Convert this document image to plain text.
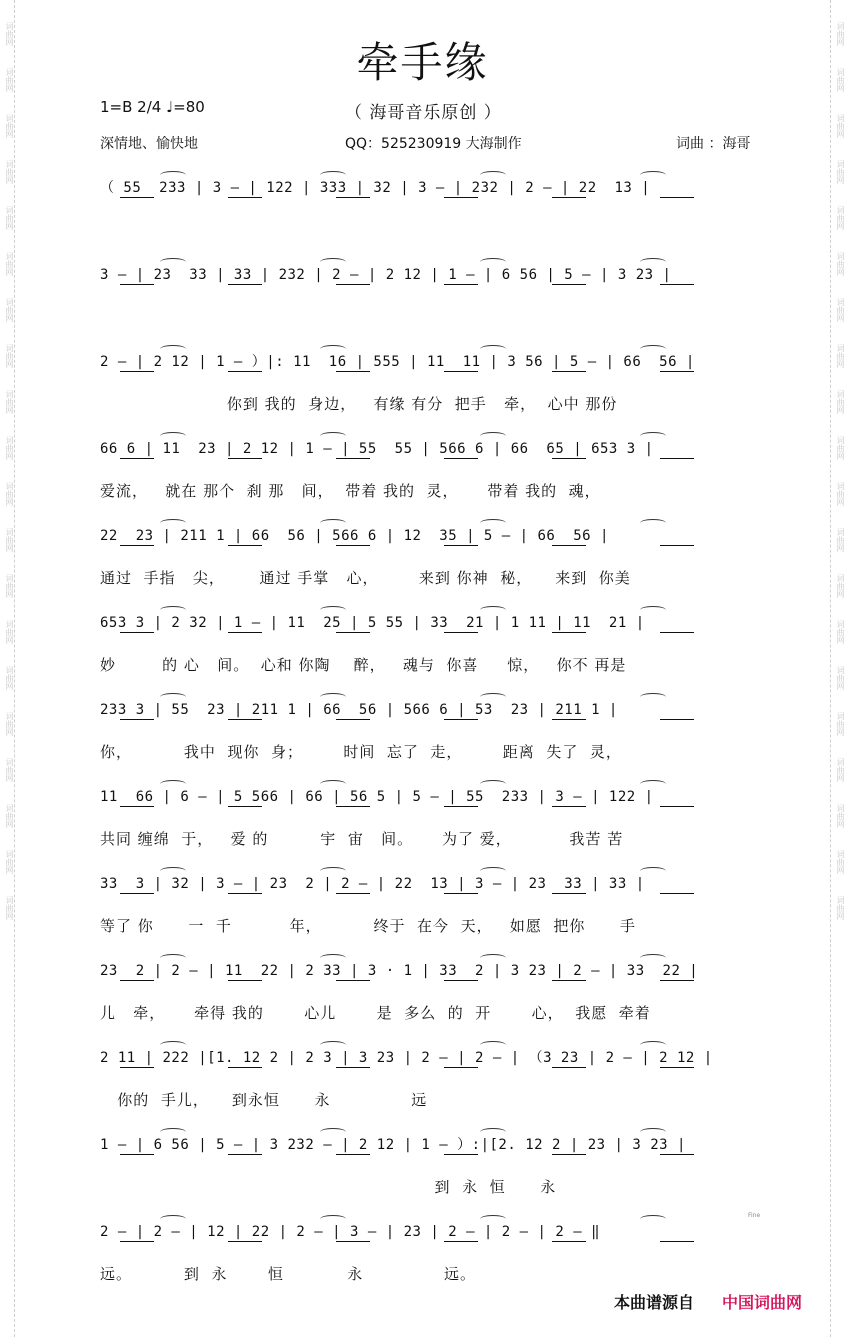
词曲网
词曲网
词曲网
词曲网
词曲网
词曲网
词曲网
词曲网
词曲网
词曲网
词曲网
词曲网
词曲网
词曲网
词曲网
词曲网
词曲网
词曲网
词曲网
词曲网
词曲网
词曲网
词曲网
词曲网
词曲网
词曲网
词曲网
词曲网
词曲网
词曲网
词曲网
词曲网
词曲网
词曲网
词曲网
词曲网
词曲网
词曲网
词曲网
词曲网
牵手缘
1=B 2/4 ♩=80	（ 海哥音乐原创 ）
深情地、愉快地	QQ：525230919 大海制作	词曲 ：海哥
（ 55  233 | 3 — | 122 | 333 | 32 | 3 — | 232 | 2 — | 22  13 |
3 — | 23  33 | 33 | 232 | 2 — | 2 12 | 1 — | 6 56 | 5 — | 3 23 |
2 — | 2 12 | 1 — ）|: 11  16 | 555 | 11  11 | 3 56 | 5 — | 66  56 |
你到 我的  身边，   有缘 有分  把手   牵，  心中 那份
66 6 | 11  23 | 2 12 | 1 — | 55  55 | 566 6 | 66  65 | 653 3 |
爱流，   就在 那个  刹 那   间，  带着 我的  灵，     带着 我的  魂，
22  23 | 211 1 | 66  56 | 566 6 | 12  35 | 5 — | 66  56 |
通过  手指   尖，      通过 手掌   心，       来到 你神  秘，    来到  你美
653 3 | 2 32 | 1 — | 11  25 | 5 55 | 33  21 | 1 11 | 11  21 |
妙        的 心   间。  心和 你陶    醉，   魂与  你喜     惊，   你不 再是
233 3 | 55  23 | 211 1 | 66  56 | 566 6 | 53  23 | 211 1 |
你，         我中  现你  身；       时间  忘了  走，       距离  失了  灵，
11  66 | 6 — | 5 566 | 66 | 56 5 | 5 — | 55  233 | 3 — | 122 |
共同 缠绵  于，   爱 的         宇  宙   间。     为了 爱，          我苦 苦
33  3 | 32 | 3 — | 23  2 | 2 — | 22  13 | 3 — | 23  33 | 33 |
等了 你      一  千          年，         终于  在今  天，   如愿  把你      手
23  2 | 2 — | 11  22 | 2 33 | 3 · 1 | 33  2 | 3 23 | 2 — | 33  22 |
儿   牵，     牵得 我的       心儿       是  多么  的  开       心，  我愿  牵着
2 11 | 222 |[1. 12 2 | 2 3 | 3 23 | 2 — | 2 — | （3 23 | 2 — | 2 12 |
你的  手儿，    到永恒      永              远
1 — | 6 56 | 5 — | 3 232 — | 2 12 | 1 — ）:|[2. 12 2 | 23 | 3 23 |
到  永  恒      永
2 — | 2 — | 12 | 22 | 2 — | 3 — | 23 | 2 — | 2 — | 2 — ‖
远。         到  永       恒           永              远。
Fine
本曲谱源自 中国词曲网
